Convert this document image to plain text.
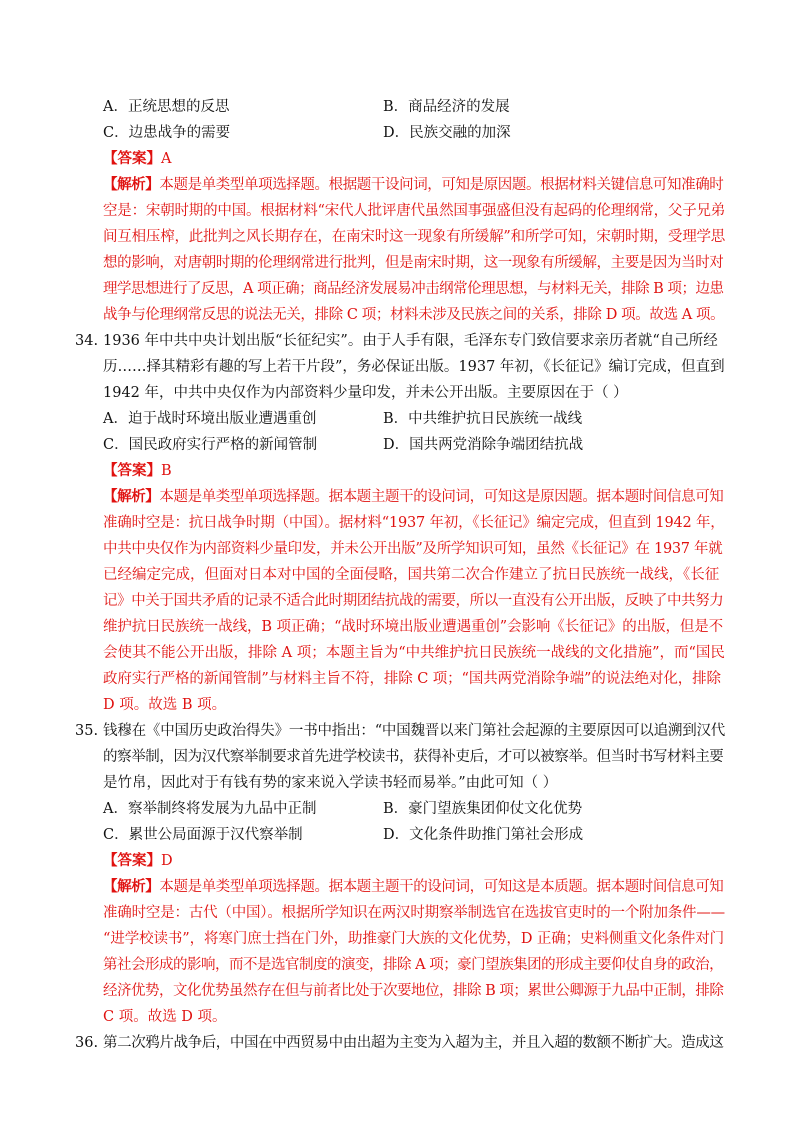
A．正统思想的反思	B．商品经济的发展
C．边患战争的需要	D．民族交融的加深
【答案】A
【解析】本题是单类型单项选择题。根据题干设问词，可知是原因题。根据材料关键信息可知准确时
空是：宋朝时期的中国。根据材料“宋代人批评唐代虽然国事强盛但没有起码的伦理纲常，父子兄弟
间互相压榨，此批判之风长期存在，在南宋时这一现象有所缓解”和所学可知，宋朝时期，受理学思
想的影响，对唐朝时期的伦理纲常进行批判，但是南宋时期，这一现象有所缓解，主要是因为当时对
理学思想进行了反思，A 项正确；商品经济发展易冲击纲常伦理思想，与材料无关，排除 B 项；边患
战争与伦理纲常反思的说法无关，排除 C 项；材料未涉及民族之间的关系，排除 D 项。故选 A 项。
34. 1936 年中共中央计划出版“长征纪实”。由于人手有限，毛泽东专门致信要求亲历者就“自己所经
历……择其精彩有趣的写上若干片段”，务必保证出版。1937 年初，《长征记》编订完成，但直到
1942 年，中共中央仅作为内部资料少量印发，并未公开出版。主要原因在于（ ）
A．迫于战时环境出版业遭遇重创	B．中共维护抗日民族统一战线
C．国民政府实行严格的新闻管制	D．国共两党消除争端团结抗战
【答案】B
【解析】本题是单类型单项选择题。据本题主题干的设问词，可知这是原因题。据本题时间信息可知
准确时空是：抗日战争时期（中国）。据材料“1937 年初，《长征记》编定完成，但直到 1942 年，
中共中央仅作为内部资料少量印发，并未公开出版”及所学知识可知，虽然《长征记》在 1937 年就
已经编定完成，但面对日本对中国的全面侵略，国共第二次合作建立了抗日民族统一战线，《长征
记》中关于国共矛盾的记录不适合此时期团结抗战的需要，所以一直没有公开出版，反映了中共努力
维护抗日民族统一战线，B 项正确；“战时环境出版业遭遇重创”会影响《长征记》的出版，但是不
会使其不能公开出版，排除 A 项；本题主旨为“中共维护抗日民族统一战线的文化措施”，而“国民
政府实行严格的新闻管制”与材料主旨不符，排除 C 项；“国共两党消除争端”的说法绝对化，排除
D 项。故选 B 项。
35. 钱穆在《中国历史政治得失》一书中指出：“中国魏晋以来门第社会起源的主要原因可以追溯到汉代
的察举制，因为汉代察举制要求首先进学校读书，获得补吏后，才可以被察举。但当时书写材料主要
是竹帛，因此对于有钱有势的家来说入学读书轻而易举。”由此可知（ ）
A．察举制终将发展为九品中正制	B．豪门望族集团仰仗文化优势
C．累世公局面源于汉代察举制	D．文化条件助推门第社会形成
【答案】D
【解析】本题是单类型单项选择题。据本题主题干的设问词，可知这是本质题。据本题时间信息可知
准确时空是：古代（中国）。根据所学知识在两汉时期察举制选官在选拔官吏时的一个附加条件——
“进学校读书”，将寒门庶士挡在门外，助推豪门大族的文化优势，D 正确；史料侧重文化条件对门
第社会形成的影响，而不是选官制度的演变，排除 A 项；豪门望族集团的形成主要仰仗自身的政治，
经济优势，文化优势虽然存在但与前者比处于次要地位，排除 B 项；累世公卿源于九品中正制，排除
C 项。故选 D 项。
36. 第二次鸦片战争后，中国在中西贸易中由出超为主变为入超为主，并且入超的数额不断扩大。造成这
